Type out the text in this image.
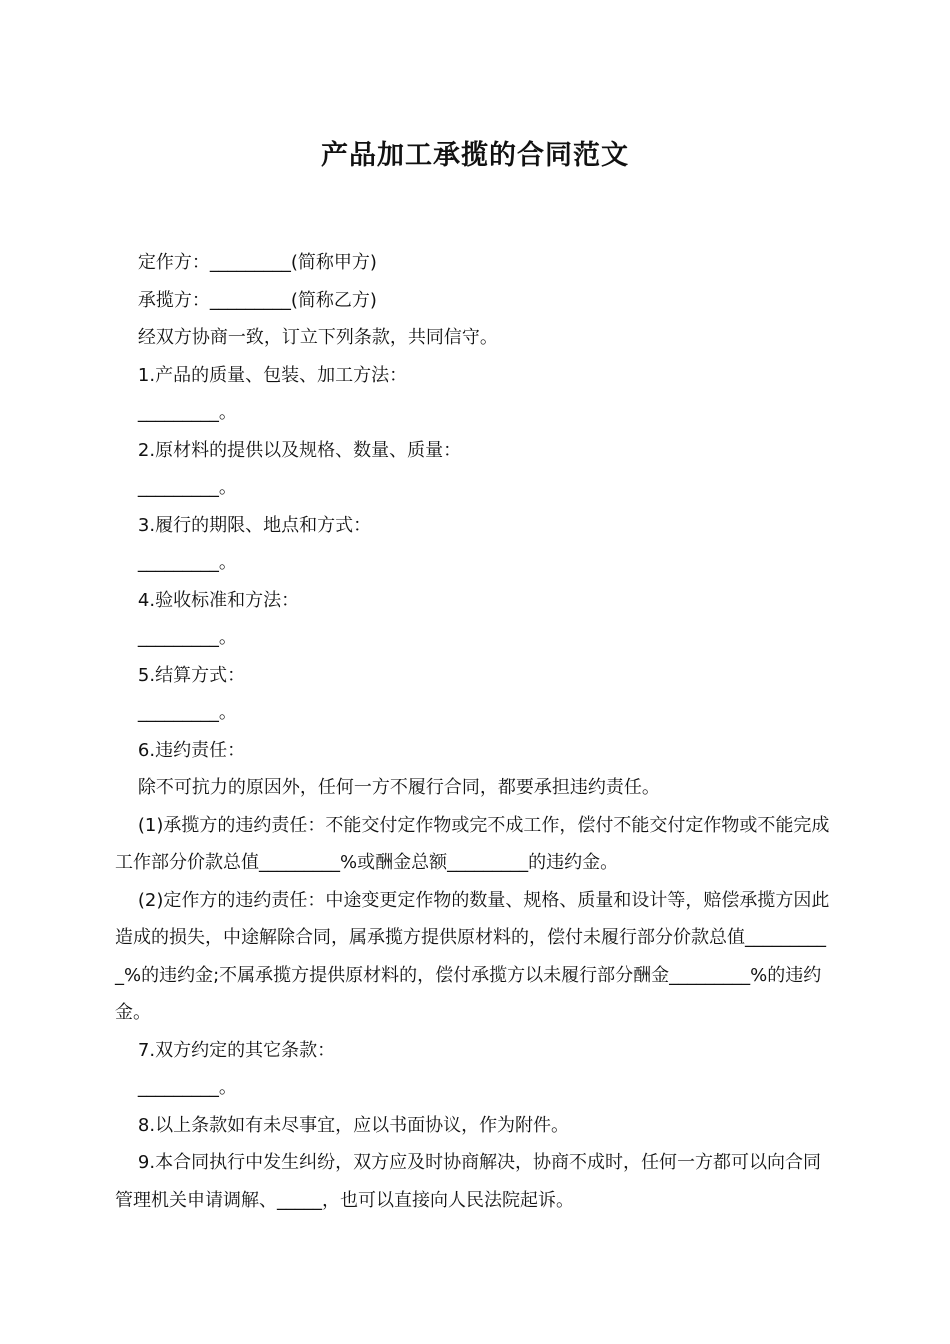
产品加工承揽的合同范文

定作方：_________(简称甲方)

承揽方：_________(简称乙方)

经双方协商一致，订立下列条款，共同信守。

1.产品的质量、包装、加工方法：

_________。

2.原材料的提供以及规格、数量、质量：

_________。

3.履行的期限、地点和方式：

_________。

4.验收标准和方法：

_________。

5.结算方式：

_________。

6.违约责任：

除不可抗力的原因外，任何一方不履行合同，都要承担违约责任。

(1)承揽方的违约责任：不能交付定作物或完不成工作，偿付不能交付定作物或不能完成工作部分价款总值_________%或酬金总额_________的违约金。

(2)定作方的违约责任：中途变更定作物的数量、规格、质量和设计等，赔偿承揽方因此造成的损失，中途解除合同，属承揽方提供原材料的，偿付未履行部分价款总值__________%的违约金;不属承揽方提供原材料的，偿付承揽方以未履行部分酬金_________%的违约金。

7.双方约定的其它条款：

_________。

8.以上条款如有未尽事宜，应以书面协议，作为附件。

9.本合同执行中发生纠纷，双方应及时协商解决，协商不成时，任何一方都可以向合同管理机关申请调解、_____，也可以直接向人民法院起诉。
